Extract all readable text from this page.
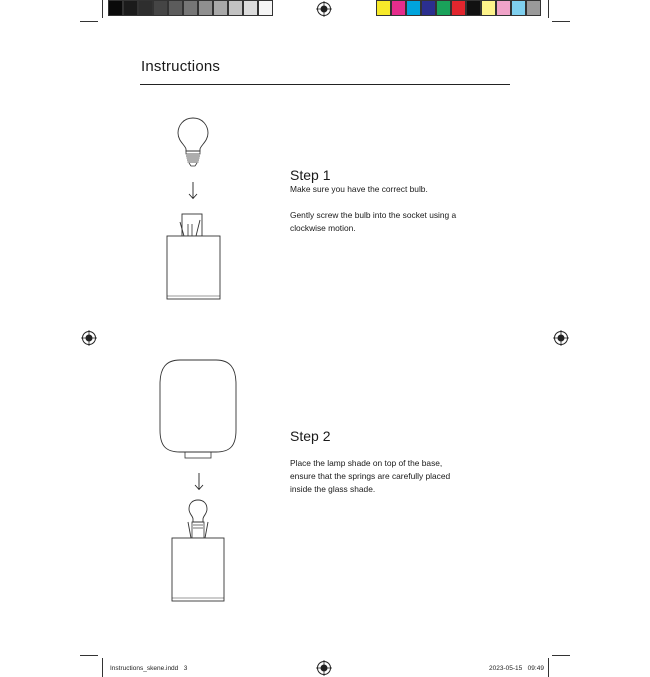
Instructions
Step 1
Make sure you have the correct bulb.
Gently screw the bulb into the socket using a
clockwise motion.
Step 2
Place the lamp shade on top of the base,
ensure that the springs are carefully placed
inside the glass shade.
Instructions_skene.indd   3	2023-05-15   09:49
